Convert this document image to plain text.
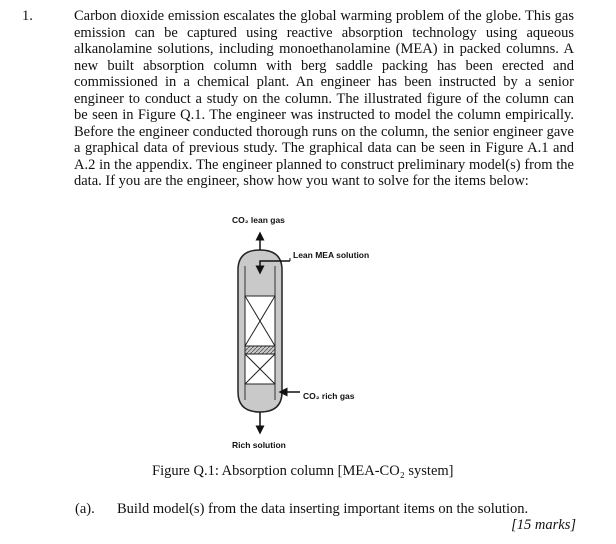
1.	Carbon dioxide emission escalates the global warming problem of the globe. This gas emission can be captured using reactive absorption technology using aqueous alkanolamine solutions, including monoethanolamine (MEA) in packed columns. A new built absorption column with berg saddle packing has been erected and commissioned in a chemical plant. An engineer has been instructed by a senior engineer to conduct a study on the column. The illustrated figure of the column can be seen in Figure Q.1. The engineer was instructed to model the column empirically. Before the engineer conducted thorough runs on the column, the senior engineer gave a graphical data of previous study. The graphical data can be seen in Figure A.1 and A.2 in the appendix. The engineer planned to construct preliminary model(s) from the data. If you are the engineer, show how you want to solve for the items below:

CO₂ lean gas
Lean MEA solution
CO₂ rich gas
Rich solution
Figure Q.1: Absorption column [MEA-CO₂ system]
(a). Build model(s) from the data inserting important items on the solution.
[15 marks]
